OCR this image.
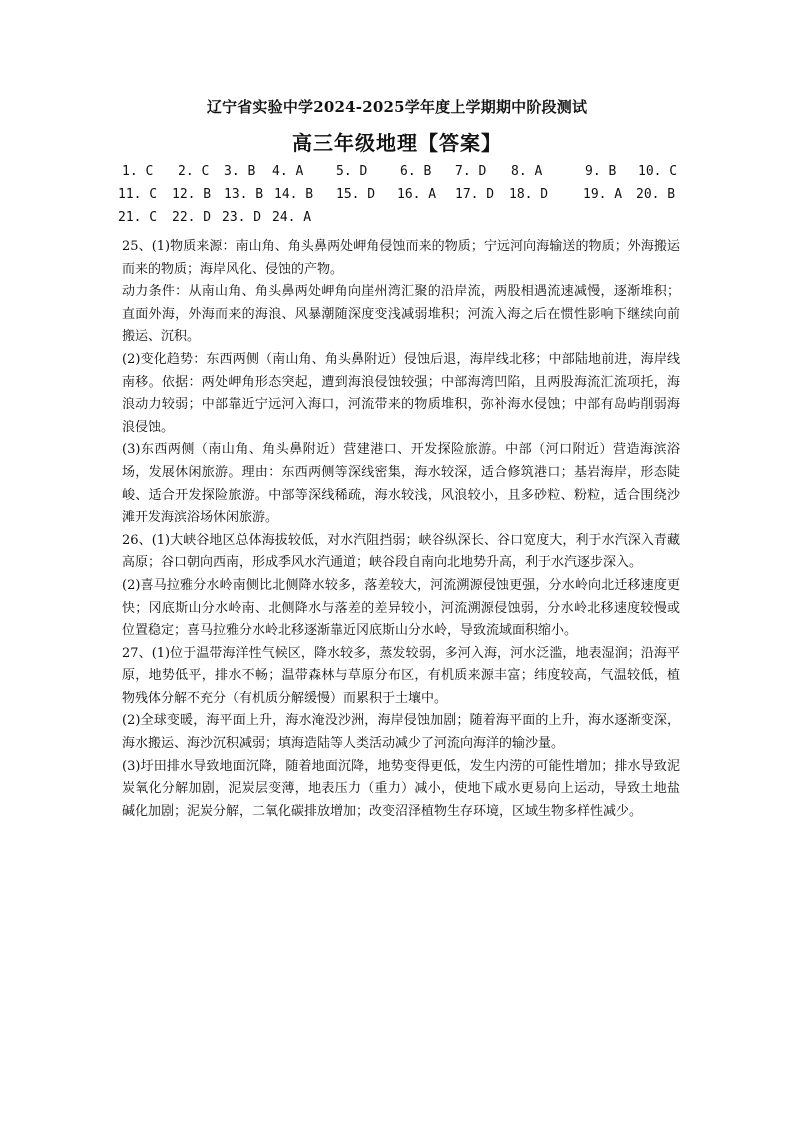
辽宁省实验中学2024-2025学年度上学期期中阶段测试
高三年级地理【答案】
1. C 2. C 3. B 4. A	5. D	6. B 7. D 8. A	9. B 10. C
11. C 12. B 13. B 14. B 15. D 16. A 17. D 18. D	19. A 20. B
21. C 22. D 23. D 24. A

25、(1)物质来源：南山角、角头鼻两处岬角侵蚀而来的物质；宁远河向海输送的物质；外海搬运而来的物质；海岸风化、侵蚀的产物。

动力条件：从南山角、角头鼻两处岬角向崖州湾汇聚的沿岸流，两股相遇流速减慢，逐渐堆积；直面外海，外海而来的海浪、风暴潮随深度变浅减弱堆积；河流入海之后在惯性影响下继续向前搬运、沉积。

(2)变化趋势：东西两侧（南山角、角头鼻附近）侵蚀后退，海岸线北移；中部陆地前进，海岸线南移。依据：两处岬角形态突起，遭到海浪侵蚀较强；中部海湾凹陷，且两股海流汇流项托，海浪动力较弱；中部靠近宁远河入海口，河流带来的物质堆积，弥补海水侵蚀；中部有岛屿削弱海浪侵蚀。

(3)东西两侧（南山角、角头鼻附近）营建港口、开发探险旅游。中部（河口附近）营造海滨浴场，发展休闲旅游。理由：东西两侧等深线密集，海水较深，适合修筑港口；基岩海岸，形态陡峻、适合开发探险旅游。中部等深线稀疏，海水较浅，风浪较小，且多砂粒、粉粒，适合围绕沙滩开发海滨浴场休闲旅游。

26、(1)大峡谷地区总体海拔较低，对水汽阻挡弱；峡谷纵深长、谷口宽度大，利于水汽深入青藏高原；谷口朝向西南，形成季风水汽通道；峡谷段自南向北地势升高，利于水汽逐步深入。

(2)喜马拉雅分水岭南侧比北侧降水较多，落差较大，河流溯源侵蚀更强，分水岭向北迁移速度更快；冈底斯山分水岭南、北侧降水与落差的差异较小，河流溯源侵蚀弱，分水岭北移速度较慢或位置稳定；喜马拉雅分水岭北移逐渐靠近冈底斯山分水岭，导致流域面积缩小。

27、(1)位于温带海洋性气候区，降水较多，蒸发较弱，多河入海，河水泛滥，地表湿润；沿海平原，地势低平，排水不畅；温带森林与草原分布区，有机质来源丰富；纬度较高，气温较低，植物残体分解不充分（有机质分解缓慢）而累积于土壤中。

(2)全球变暖，海平面上升，海水淹没沙洲，海岸侵蚀加剧；随着海平面的上升，海水逐渐变深，海水搬运、海沙沉积减弱；填海造陆等人类活动减少了河流向海洋的输沙量。

(3)圩田排水导致地面沉降，随着地面沉降，地势变得更低，发生内涝的可能性增加；排水导致泥炭氧化分解加剧，泥炭层变薄，地表压力（重力）减小，使地下咸水更易向上运动，导致土地盐碱化加剧；泥炭分解，二氧化碳排放增加；改变沼泽植物生存环境，区域生物多样性减少。
